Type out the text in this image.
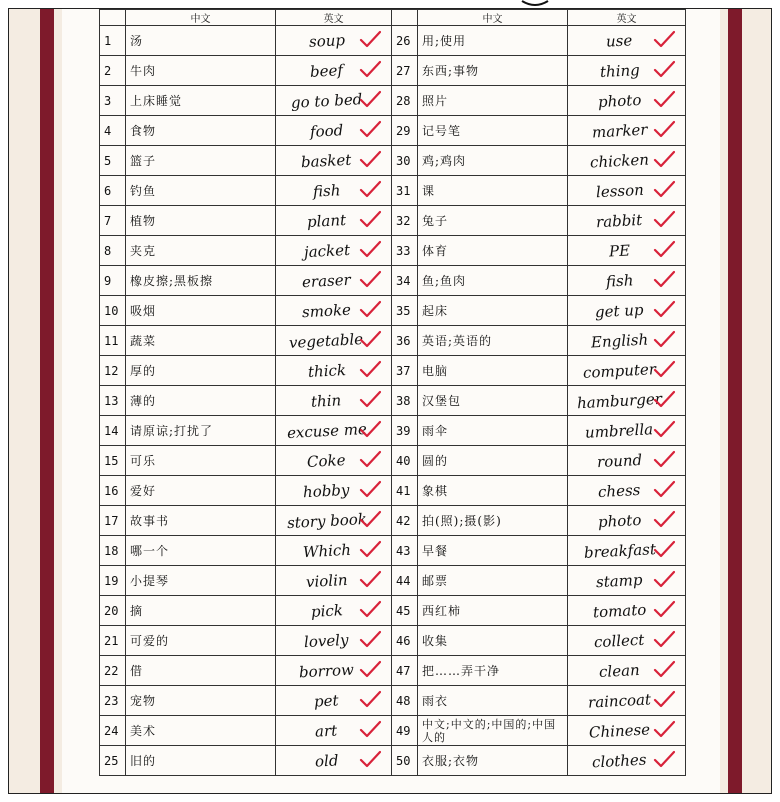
	中文	英文		中文	英文
1	汤	soup	26	用;使用	use

2	牛肉	beef	27	东西;事物	thing

3	上床睡觉	go to bed	28	照片	photo

4	食物	food	29	记号笔	marker

5	篮子	basket	30	鸡;鸡肉	chicken

6	钓鱼	fish	31	课	lesson

7	植物	plant	32	兔子	rabbit

8	夹克	jacket	33	体育	PE

9	橡皮擦;黑板擦	eraser	34	鱼;鱼肉	fish

10	吸烟	smoke	35	起床	get up

11	蔬菜	vegetable	36	英语;英语的	English

12	厚的	thick	37	电脑	computer

13	薄的	thin	38	汉堡包	hamburger

14	请原谅;打扰了	excuse me	39	雨伞	umbrella

15	可乐	Coke	40	圆的	round

16	爱好	hobby	41	象棋	chess

17	故事书	story book	42	拍(照);摄(影)	photo

18	哪一个	Which	43	早餐	breakfast

19	小提琴	violin	44	邮票	stamp

20	摘	pick	45	西红柿	tomato

21	可爱的	lovely	46	收集	collect

22	借	borrow	47	把……弄干净	clean

23	宠物	pet	48	雨衣	raincoat

24	美术	art	49	中文;中文的;中国的;中国人的	Chinese

25	旧的	old	50	衣服;衣物	clothes
